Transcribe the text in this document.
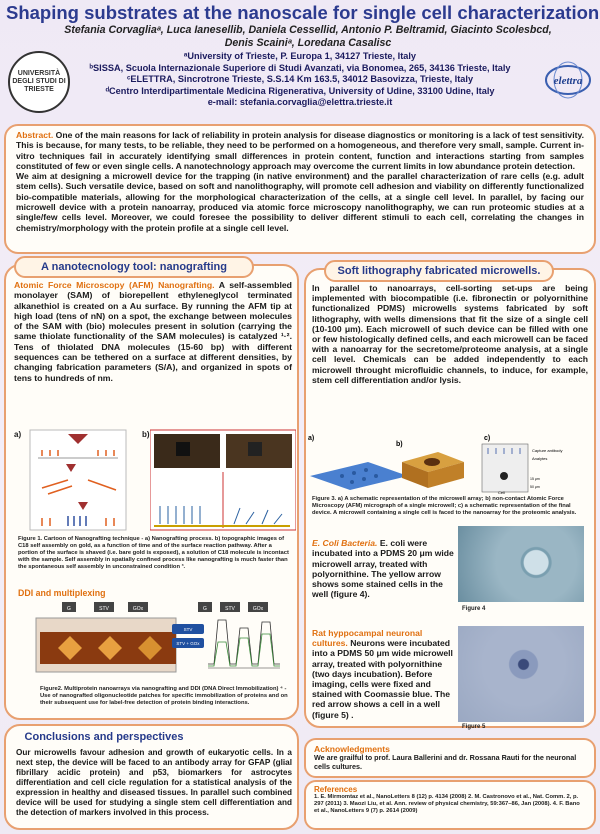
Shaping substrates at the nanoscale for single cell characterization
Stefania Corvagliaᵃ, Luca Ianesellib, Daniela Cessellid, Antonio P. Beltramid, Giacinto Scolesbcd,
Denis Scainiᵃ, Loredana Casalisc
UNIVERSITÀ DEGLI STUDI DI TRIESTE
ᵃUniversity of Trieste, P. Europa 1, 34127 Trieste, Italy
ᵇSISSA, Scuola Internazionale Superiore di Studi Avanzati, via Bonomea, 265, 34136 Trieste, Italy
ᶜELETTRA, Sincrotrone Trieste, S.S.14 Km 163.5, 34012 Basovizza, Trieste, Italy
ᵈCentro Interdipartimentale Medicina Rigenerativa, University of Udine, 33100 Udine, Italy
e-mail: stefania.corvaglia@elettra.trieste.it
elettra

Abstract. One of the main reasons for lack of reliability in protein analysis for disease diagnostics or monitoring is a lack of test sensitivity. This is because, for many tests, to be reliable, they need to be performed on a homogeneous, and therefore very small, sample. Current in-vitro techniques fail in accurately identifying small differences in protein content, function and interactions starting from samples constituted of few or even single cells. A nanotechnology approach may overcome the current limits in low abundance protein detection.

We aim at designing a microwell device for the trapping (in native environment) and the parallel characterization of rare cells (e.g. adult stem cells). Such versatile device, based on soft and nanolithography, will promote cell adhesion and viability on differently functionalized bio-compatible materials, allowing for the morphological characterization of the cells, at a single cell level. In parallel, by facing our microwell device with a protein nanoarray, produced via atomic force microscopy nanolithography, we can run proteomic studies at a single/few cells level. Moreover, we could foresee the possibility to deliver different stimuli to each cell, correlating the changes in chemistry/morphology with the protein profile at a single cell level.

A nanotecnology tool: nanografting

Atomic Force Microscopy (AFM) Nanografting. A self-assembled monolayer (SAM) of biorepellent ethyleneglycol terminated alkanethiol is created on a Au surface. By running the AFM tip at high load (tens of nN) on a spot, the exchange between molecules of the SAM with (bio) molecules present in solution (carrying the same thiolate functionality of the SAM molecules) is catalyzed ¹·². Tens of thiolated DNA molecules (15-60 bp) with different sequences can be tethered on a surface at different densities, by changing fabrication parameters (S/A), and organized in spots of tens to hundreds of nm.

a)	b)
Figure 1. Cartoon of Nanografting technique - a) Nanografting process. b) topographic images of C18 self assembly on gold, as a function of time and of the surface reaction pathway. After a portion of the surface is shaved (i.e. bare gold is exposed), a solution of C18 molecule is incontact with the sample. Self assembly in spatially confined process like nanografting is much faster than the spontaneous self assembly in unconstrained condition ³.
DDI and multiplexing
G	STV	GOx	G	STV	GOx
STV
STV + GOx
Figure2. Multiprotein nanoarrays via nanografting and DDI (DNA Direct Immobilization) ⁴ - Use of nanografted oligonucleotide patches for specific immobilization of proteins and on their subsequent use for label-free detection of protein binding interactions.
Conclusions and perspectives

Our microwells favour adhesion and growth of eukaryotic cells. In a next step, the device will be faced to an antibody array for GFAP (glial fibrillary acidic protein) and p53, biomarkers for astrocytes differentiation and cell cicle regulation for a statistical analysis of the expression in healthy and diseased tissues. In parallel such combined device will be used for studying a single stem cell differentiation and the detection of markers involved in this process.

Soft lithography fabricated microwells.

In parallel to nanoarrays, cell-sorting set-ups are being implemented with biocompatible (i.e. fibronectin or polyornithine functionalized PDMS) microwells systems fabricated by soft lithography, with wells dimensions that fit the size of a single cell (10-100 μm). Each microwell of such device can be filled with one or few histologically defined cells, and each microwell can be faced with a nanoarray for the secretome/proteome analysis, at a single cell level. Chemicals can be added independently to each microwell throught microfluidic channels, to induce, for example, stem cell differentiation and/or lysis.

a)
b)
c)
Capture antibody
Analytes
Cell
15 μm
50 μm
Figure 3. a) A schematic representation of the microwell array; b) non-contact Atomic Force Microscopy (AFM) micrograph of a single microwell; c) a schematic representation of the final device. A microwell containing a single cell is faced to the nanoarray for the proteomic analysis.

E. Coli Bacteria. E. coli were incubated into a PDMS 20 μm wide microwell array, treated with polyornithine. The yellow arrow shows some stained cells in the well (figure 4).

Figure 4

Rat hyppocampal neuronal cultures. Neurons were incubated into a PDMS 50 μm wide microwell array, treated with polyornithine (two days incubation). Before imaging, cells were fixed and stained with Coomassie blue. The red arrow shows a cell in a well (figure 5) .

Figure 5
Acknowledgments

We are grailful to prof. Laura Ballerini and dr. Rossana Rauti for the neuronal cells cultures.

References

1. E. Mirmomtaz et al., NanoLetters 8 (12) p. 4134 (2008) 2. M. Castronovo et al., Nat. Comm. 2, p. 297 (2011) 3. Maozi Liu, et al. Ann. review of physical chemistry, 59:367–86, Jan (2008). 4. F. Bano et al., NanoLetters 9 (7) p. 2614 (2009)
